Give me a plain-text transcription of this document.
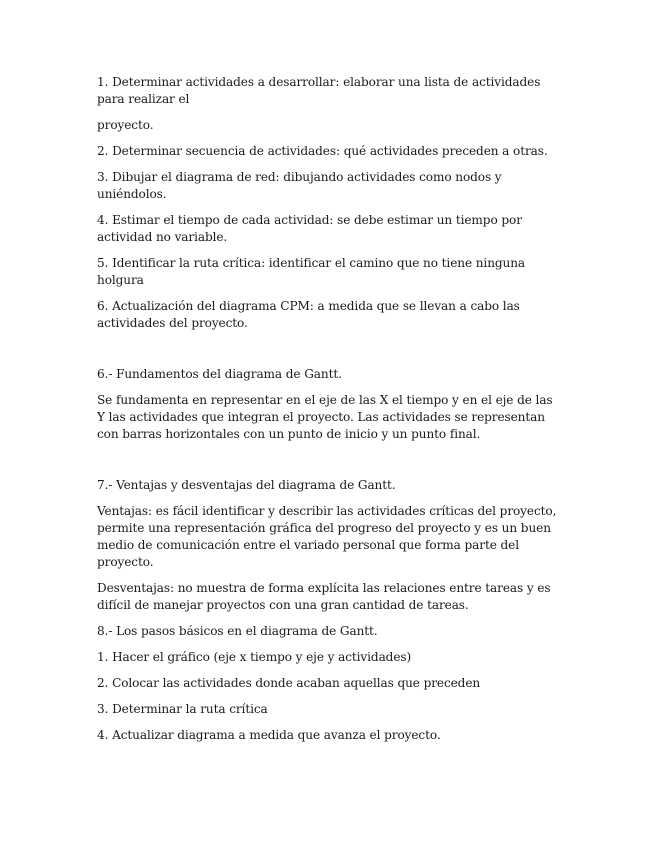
1. Determinar actividades a desarrollar: elaborar una lista de actividades para realizar el

proyecto.

2. Determinar secuencia de actividades: qué actividades preceden a otras.

3. Dibujar el diagrama de red: dibujando actividades como nodos y uniéndolos.

4. Estimar el tiempo de cada actividad: se debe estimar un tiempo por actividad no variable.

5. Identificar la ruta crítica: identificar el camino que no tiene ninguna holgura

6. Actualización del diagrama CPM: a medida que se llevan a cabo las actividades del proyecto.

6.- Fundamentos del diagrama de Gantt.

Se fundamenta en representar en el eje de las X el tiempo y en el eje de las Y las actividades que integran el proyecto. Las actividades se representan con barras horizontales con un punto de inicio y un punto final.

7.- Ventajas y desventajas del diagrama de Gantt.

Ventajas: es fácil identificar y describir las actividades críticas del proyecto, permite una representación gráfica del progreso del proyecto y es un buen medio de comunicación entre el variado personal que forma parte del proyecto.

Desventajas: no muestra de forma explícita las relaciones entre tareas y es difícil de manejar proyectos con una gran cantidad de tareas.

8.- Los pasos básicos en el diagrama de Gantt.

1. Hacer el gráfico (eje x tiempo y eje y actividades)

2. Colocar las actividades donde acaban aquellas que preceden

3. Determinar la ruta crítica

4. Actualizar diagrama a medida que avanza el proyecto.
